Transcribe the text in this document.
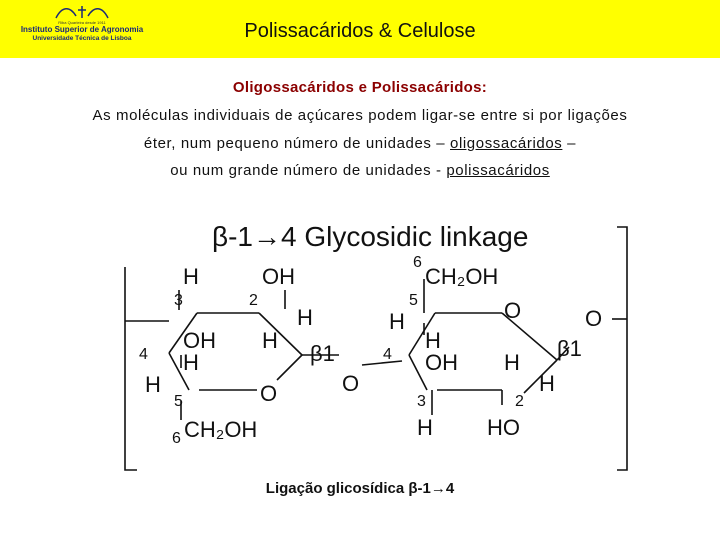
Riba Quarleira desde 1911
Instituto Superior de Agronomia
Universidade Técnica de Lisboa	Polissacáridos & Celulose
Oligossacáridos e Polissacáridos:
As moléculas individuais de açúcares podem ligar-se entre si por ligações
éter, num pequeno número de unidades – oligossacáridos –
ou num grande número de unidades - polissacáridos
β-1→4 Glycosidic linkage
H	OH
OH
H
H
H
H	O
CH₂OH
O
CH₂OH
H
H
OH
O
H
H
O
H HO
β1	β1
3	2
4
5
6
6
5
4
3	2
Ligação glicosídica β-1→4
